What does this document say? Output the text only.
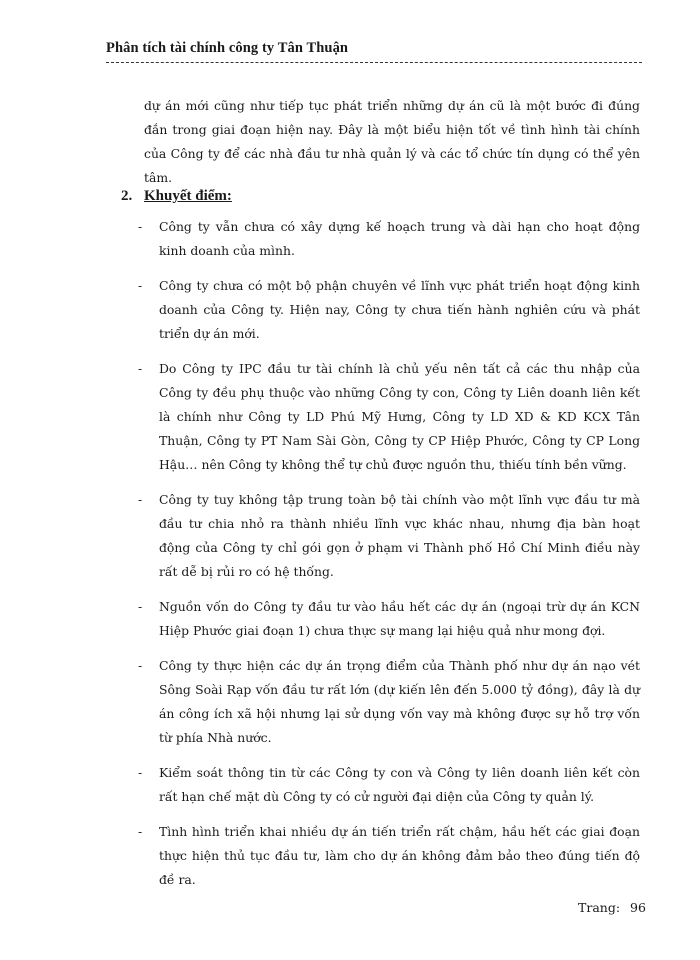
Phân tích tài chính công ty Tân Thuận
dự án mới cũng như tiếp tục phát triển những dự án cũ là một bước đi đúng đắn trong giai đoạn hiện nay. Đây là một biểu hiện tốt về tình hình tài chính của Công ty để các nhà đầu tư nhà quản lý và các tổ chức tín dụng có thể yên tâm.
2. Khuyết điểm:
- Công ty vẫn chưa có xây dựng kế hoạch trung và dài hạn cho hoạt động kinh doanh của mình.
- Công ty chưa có một bộ phận chuyên về lĩnh vực phát triển hoạt động kinh doanh của Công ty. Hiện nay, Công ty chưa tiến hành nghiên cứu và phát triển dự án mới.
- Do Công ty IPC đầu tư tài chính là chủ yếu nên tất cả các thu nhập của Công ty đều phụ thuộc vào những Công ty con, Công ty Liên doanh liên kết là chính như Công ty LD Phú Mỹ Hưng, Công ty LD XD & KD KCX Tân Thuận, Công ty PT Nam Sài Gòn, Công ty CP Hiệp Phước, Công ty CP Long Hậu… nên Công ty không thể tự chủ được nguồn thu, thiếu tính bền vững.
- Công ty tuy không tập trung toàn bộ tài chính vào một lĩnh vực đầu tư mà đầu tư chia nhỏ ra thành nhiều lĩnh vực khác nhau, nhưng địa bàn hoạt động của Công ty chỉ gói gọn ở phạm vi Thành phố Hồ Chí Minh điều này rất dễ bị rủi ro có hệ thống.
- Nguồn vốn do Công ty đầu tư vào hầu hết các dự án (ngoại trừ dự án KCN Hiệp Phước giai đoạn 1) chưa thực sự mang lại hiệu quả như mong đợi.
- Công ty thực hiện các dự án trọng điểm của Thành phố như dự án nạo vét Sông Soài Rạp vốn đầu tư rất lớn (dự kiến lên đến 5.000 tỷ đồng), đây là dự án công ích xã hội nhưng lại sử dụng vốn vay mà không được sự hỗ trợ vốn từ phía Nhà nước.
- Kiểm soát thông tin từ các Công ty con và Công ty liên doanh liên kết còn rất hạn chế mặt dù Công ty có cử người đại diện của Công ty quản lý.
- Tình hình triển khai nhiều dự án tiến triển rất chậm, hầu hết các giai đoạn thực hiện thủ tục đầu tư, làm cho dự án không đảm bảo theo đúng tiến độ đề ra.
Trang: 96
